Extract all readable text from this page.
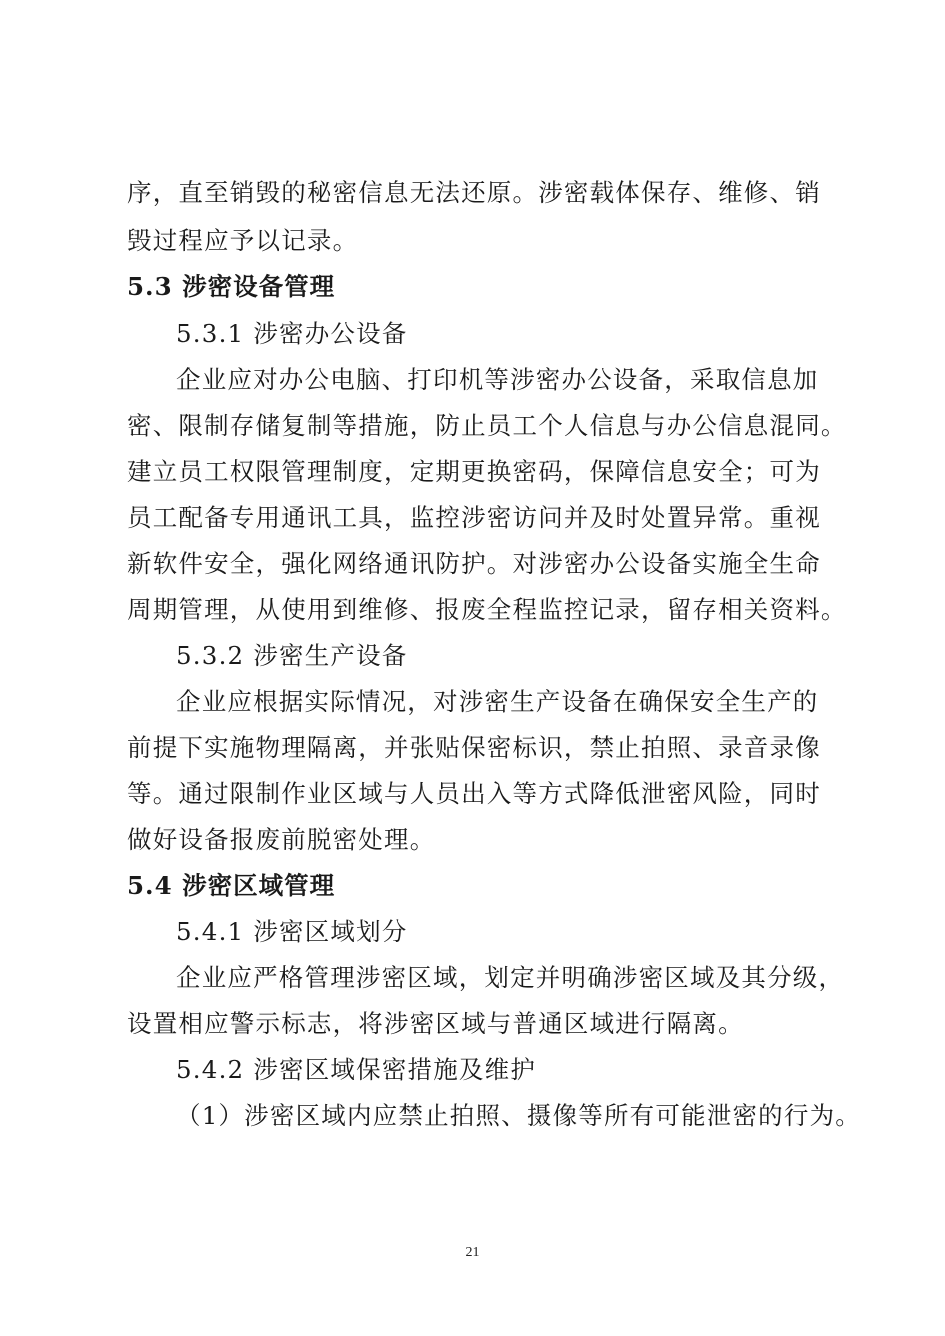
序，直至销毁的秘密信息无法还原。涉密载体保存、维修、销

毁过程应予以记录。

5.3 涉密设备管理

5.3.1 涉密办公设备

企业应对办公电脑、打印机等涉密办公设备，采取信息加

密、限制存储复制等措施，防止员工个人信息与办公信息混同。

建立员工权限管理制度，定期更换密码，保障信息安全；可为

员工配备专用通讯工具，监控涉密访问并及时处置异常。重视

新软件安全，强化网络通讯防护。对涉密办公设备实施全生命

周期管理，从使用到维修、报废全程监控记录，留存相关资料。

5.3.2 涉密生产设备

企业应根据实际情况，对涉密生产设备在确保安全生产的

前提下实施物理隔离，并张贴保密标识，禁止拍照、录音录像

等。通过限制作业区域与人员出入等方式降低泄密风险，同时

做好设备报废前脱密处理。

5.4 涉密区域管理

5.4.1 涉密区域划分

企业应严格管理涉密区域，划定并明确涉密区域及其分级，

设置相应警示标志，将涉密区域与普通区域进行隔离。

5.4.2 涉密区域保密措施及维护

（1）涉密区域内应禁止拍照、摄像等所有可能泄密的行为。

21
